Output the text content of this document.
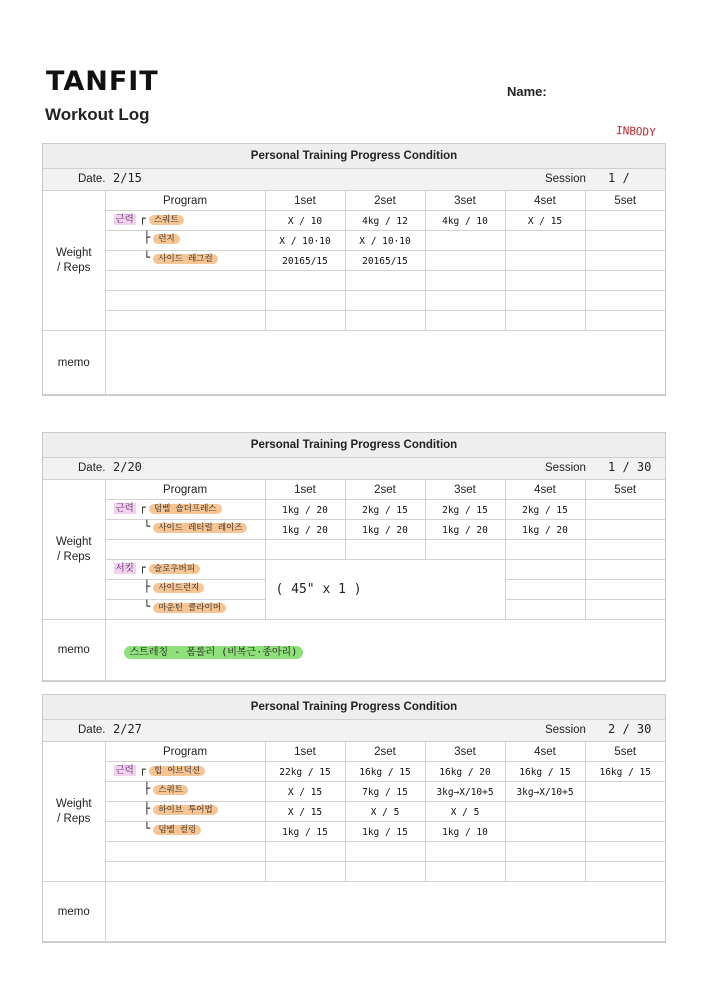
TANFIT
Workout Log
Name:
INBODY
Personal Training Progress Condition
Date. 2/15	Session 1 /
Weight
/ Reps	Program	1set	2set	3set	4set	5set

	근력 ┌ 스쿼트	X / 10	4kg / 12	4kg / 10	X / 15	

	├ 런지	X / 10·10	X / 10·10			

	└ 사이드 레그컬	20165/15	20165/15			

memo						
Personal Training Progress Condition
Date. 2/20	Session 1 / 30
Weight
/ Reps	Program	1set	2set	3set	4set	5set

	근력 ┌ 덤벨 숄더프레스	1kg / 20	2kg / 15	2kg / 15	2kg / 15	

	└ 사이드 레터럴 레이즈	1kg / 20	1kg / 20	1kg / 20	1kg / 20	

	서킷 ┌ 슬로우버피	( 45" x 1 )				

	├ 사이드런지					

	└ 마운틴 클라이머					

memo	스트레칭 - 폼롤러 (비복근·종아리)					
Personal Training Progress Condition
Date. 2/27	Session 2 / 30
Weight
/ Reps	Program	1set	2set	3set	4set	5set

	근력 ┌ 힙 어브덕션	22kg / 15	16kg / 15	16kg / 20	16kg / 15	16kg / 15

	├ 스쿼트	X / 15	7kg / 15	3kg→X/10+5	3kg→X/10+5	

	├ 하이브 투어법	X / 15	X / 5	X / 5		

	└ 덤벨 컬링	1kg / 15	1kg / 15	1kg / 10		

memo						
